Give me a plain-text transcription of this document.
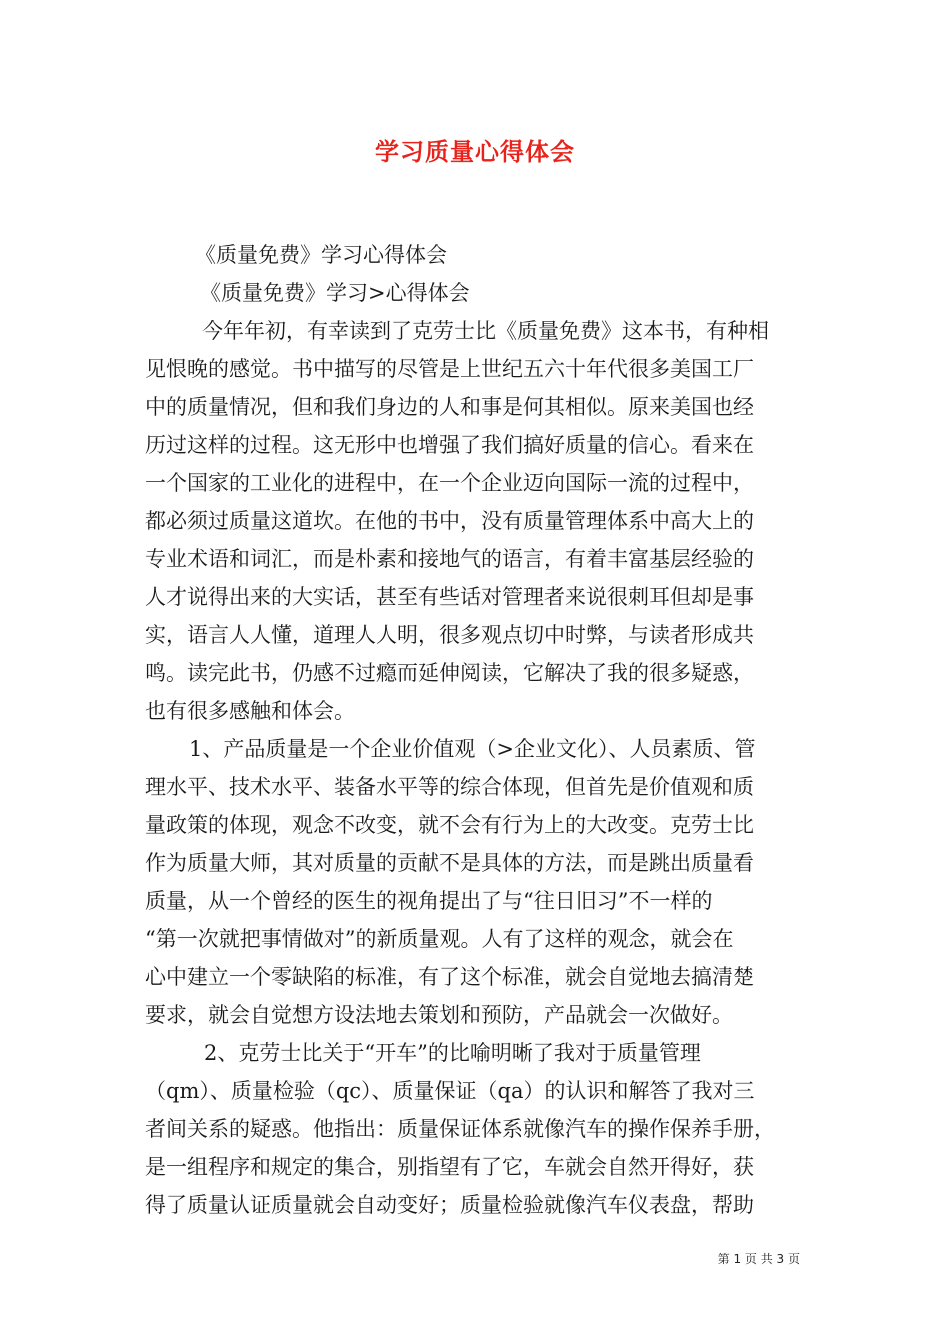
学习质量心得体会
《质量免费》学习心得体会
《质量免费》学习>心得体会
今年年初，有幸读到了克劳士比《质量免费》这本书，有种相
见恨晚的感觉。书中描写的尽管是上世纪五六十年代很多美国工厂
中的质量情况，但和我们身边的人和事是何其相似。原来美国也经
历过这样的过程。这无形中也增强了我们搞好质量的信心。看来在
一个国家的工业化的进程中，在一个企业迈向国际一流的过程中，
都必须过质量这道坎。在他的书中，没有质量管理体系中高大上的
专业术语和词汇，而是朴素和接地气的语言，有着丰富基层经验的
人才说得出来的大实话，甚至有些话对管理者来说很刺耳但却是事
实，语言人人懂，道理人人明，很多观点切中时弊，与读者形成共
鸣。读完此书，仍感不过瘾而延伸阅读，它解决了我的很多疑惑，
也有很多感触和体会。
1、产品质量是一个企业价值观（>企业文化）、人员素质、管
理水平、技术水平、装备水平等的综合体现，但首先是价值观和质
量政策的体现，观念不改变，就不会有行为上的大改变。克劳士比
作为质量大师，其对质量的贡献不是具体的方法，而是跳出质量看
质量，从一个曾经的医生的视角提出了与“往日旧习”不一样的
“第一次就把事情做对”的新质量观。人有了这样的观念，就会在
心中建立一个零缺陷的标准，有了这个标准，就会自觉地去搞清楚
要求，就会自觉想方设法地去策划和预防，产品就会一次做好。
2、克劳士比关于“开车”的比喻明晰了我对于质量管理
（qm）、质量检验（qc）、质量保证（qa）的认识和解答了我对三
者间关系的疑惑。他指出：质量保证体系就像汽车的操作保养手册，
是一组程序和规定的集合，别指望有了它，车就会自然开得好，获
得了质量认证质量就会自动变好；质量检验就像汽车仪表盘，帮助
第 1 页 共 3 页
